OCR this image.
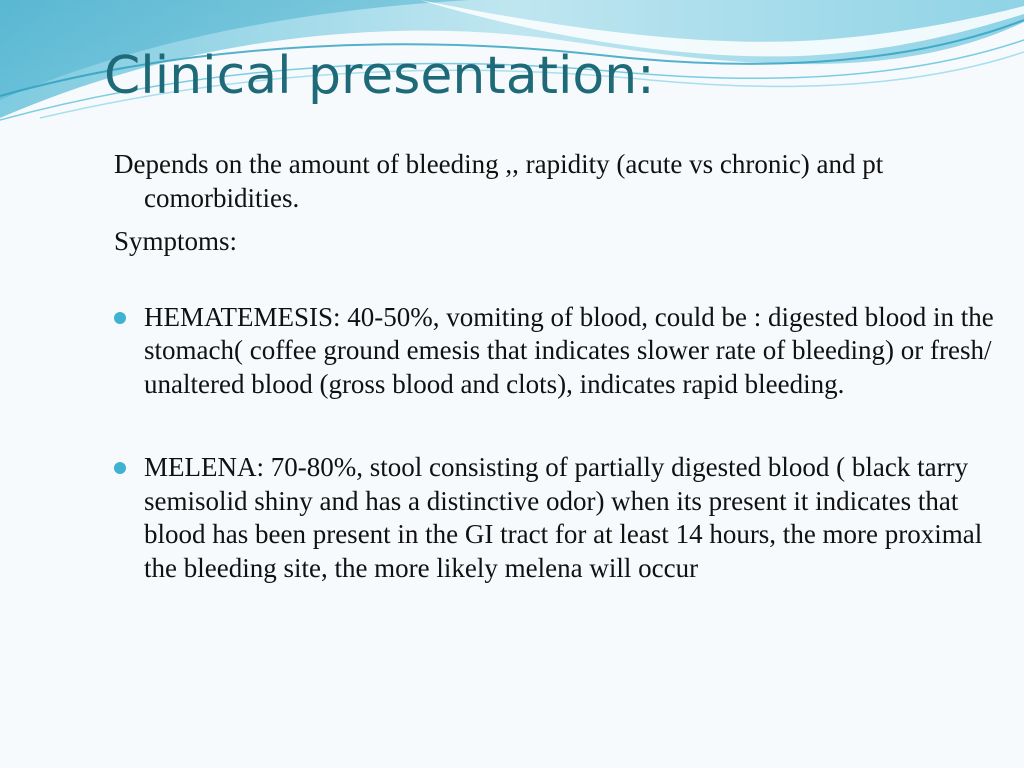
Clinical presentation:

Depends on the amount of bleeding ,, rapidity (acute vs chronic) and pt comorbidities.

Symptoms:

HEMATEMESIS: 40-50%, vomiting of blood, could be : digested blood in the stomach( coffee ground emesis that indicates slower rate of bleeding) or fresh/ unaltered blood (gross blood and clots), indicates rapid bleeding.
MELENA: 70-80%, stool consisting of partially digested blood ( black tarry semisolid shiny and has a distinctive odor) when its present it indicates that blood has been present in the GI tract for at least 14 hours, the more proximal the bleeding site, the more likely melena will occur
